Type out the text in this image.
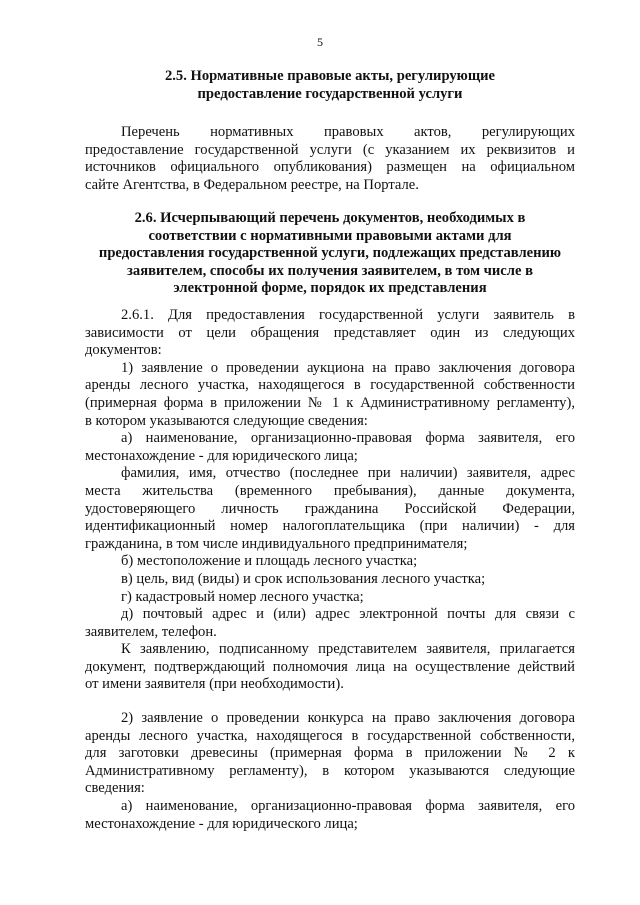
5
2.5. Нормативные правовые акты, регулирующие
предоставление государственной услуги
Перечень нормативных правовых актов, регулирующих
предоставление государственной услуги (с указанием их реквизитов и
источников официального опубликования) размещен на официальном
сайте Агентства, в Федеральном реестре, на Портале.
2.6. Исчерпывающий перечень документов, необходимых в
соответствии с нормативными правовыми актами для
предоставления государственной услуги, подлежащих представлению
заявителем, способы их получения заявителем, в том числе в
электронной форме, порядок их представления
2.6.1. Для предоставления государственной услуги заявитель в
зависимости от цели обращения представляет один из следующих
документов:
1) заявление о проведении аукциона на право заключения договора
аренды лесного участка, находящегося в государственной собственности
(примерная форма в приложении № 1 к Административному регламенту),
в котором указываются следующие сведения:
а) наименование, организационно-правовая форма заявителя, его
местонахождение - для юридического лица;
фамилия, имя, отчество (последнее при наличии) заявителя, адрес
места жительства (временного пребывания), данные документа,
удостоверяющего личность гражданина Российской Федерации,
идентификационный номер налогоплательщика (при наличии) - для
гражданина, в том числе индивидуального предпринимателя;
б) местоположение и площадь лесного участка;
в) цель, вид (виды) и срок использования лесного участка;
г) кадастровый номер лесного участка;
д) почтовый адрес и (или) адрес электронной почты для связи с
заявителем, телефон.
К заявлению, подписанному представителем заявителя, прилагается
документ, подтверждающий полномочия лица на осуществление действий
от имени заявителя (при необходимости).
2) заявление о проведении конкурса на право заключения договора
аренды лесного участка, находящегося в государственной собственности,
для заготовки древесины (примерная форма в приложении № 2 к
Административному регламенту), в котором указываются следующие
сведения:
а) наименование, организационно-правовая форма заявителя, его
местонахождение - для юридического лица;
